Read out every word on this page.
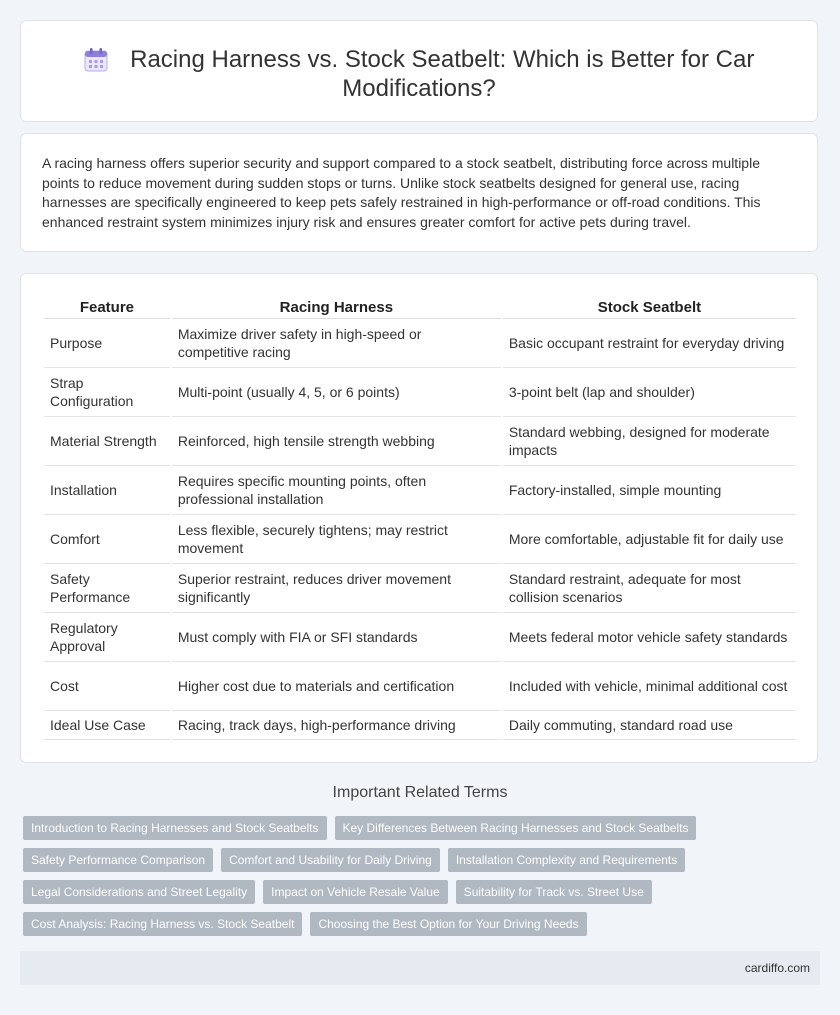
Racing Harness vs. Stock Seatbelt: Which is Better for Car Modifications?

A racing harness offers superior security and support compared to a stock seatbelt, distributing force across multiple points to reduce movement during sudden stops or turns. Unlike stock seatbelts designed for general use, racing harnesses are specifically engineered to keep pets safely restrained in high-performance or off-road conditions. This enhanced restraint system minimizes injury risk and ensures greater comfort for active pets during travel.

Feature	Racing Harness	Stock Seatbelt
Purpose	Maximize driver safety in high-speed or competitive racing	Basic occupant restraint for everyday driving
Strap Configuration	Multi-point (usually 4, 5, or 6 points)	3-point belt (lap and shoulder)
Material Strength	Reinforced, high tensile strength webbing	Standard webbing, designed for moderate impacts
Installation	Requires specific mounting points, often professional installation	Factory-installed, simple mounting
Comfort	Less flexible, securely tightens; may restrict movement	More comfortable, adjustable fit for daily use
Safety Performance	Superior restraint, reduces driver movement significantly	Standard restraint, adequate for most collision scenarios
Regulatory Approval	Must comply with FIA or SFI standards	Meets federal motor vehicle safety standards
Cost	Higher cost due to materials and certification	Included with vehicle, minimal additional cost
Ideal Use Case	Racing, track days, high-performance driving	Daily commuting, standard road use
Important Related Terms
Introduction to Racing Harnesses and Stock Seatbelts	Key Differences Between Racing Harnesses and Stock Seatbelts
Safety Performance Comparison	Comfort and Usability for Daily Driving	Installation Complexity and Requirements
Legal Considerations and Street Legality	Impact on Vehicle Resale Value	Suitability for Track vs. Street Use
Cost Analysis: Racing Harness vs. Stock Seatbelt	Choosing the Best Option for Your Driving Needs
cardiffo.com
